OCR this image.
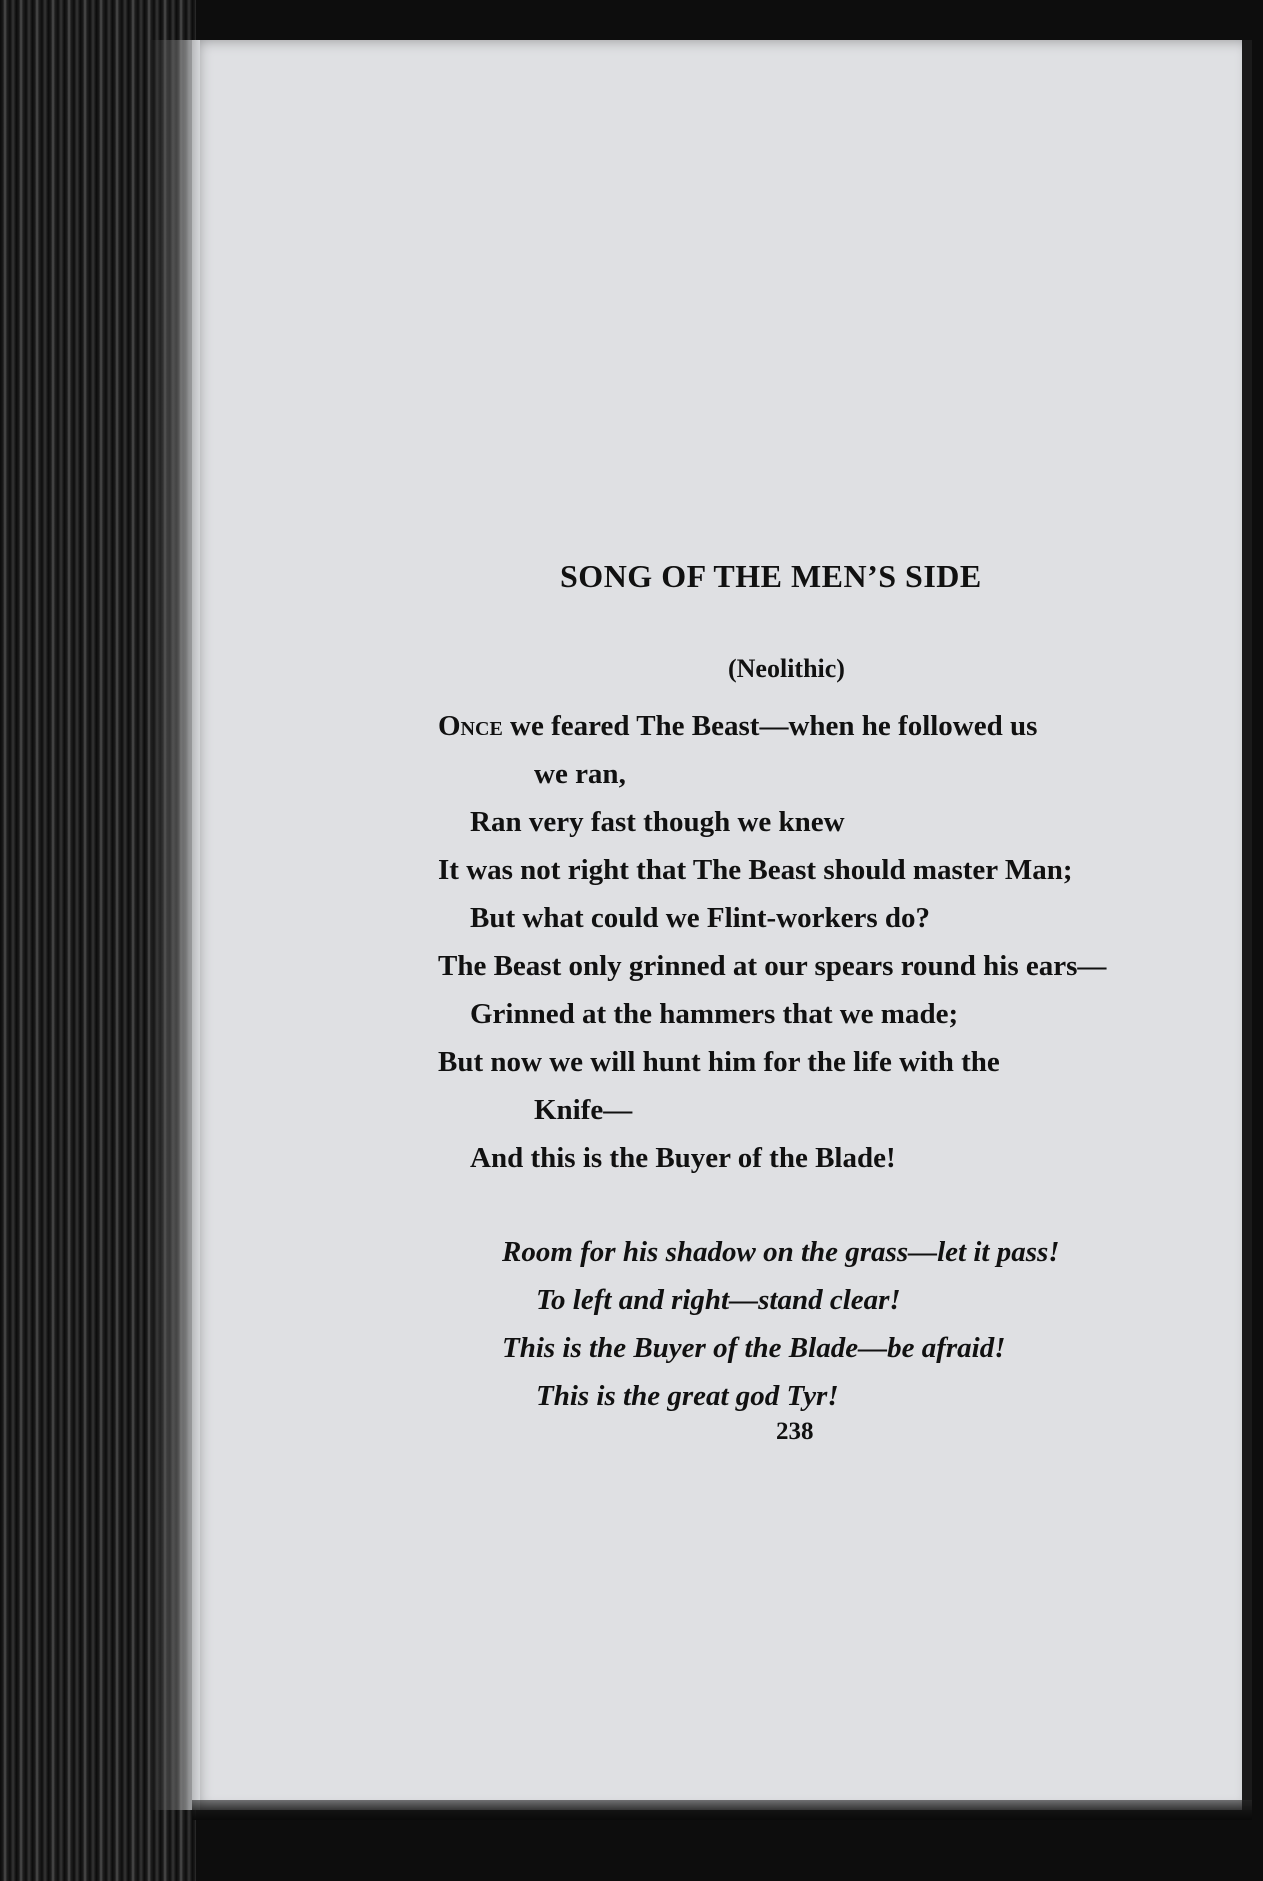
SONG OF THE MEN’S SIDE
(Neolithic)
Once we feared The Beast—when he followed us
we ran,
Ran very fast though we knew
It was not right that The Beast should master Man;
But what could we Flint-workers do?
The Beast only grinned at our spears round his ears—
Grinned at the hammers that we made;
But now we will hunt him for the life with the
Knife—
And this is the Buyer of the Blade!
Room for his shadow on the grass—let it pass!
To left and right—stand clear!
This is the Buyer of the Blade—be afraid!
This is the great god Tyr!
238
